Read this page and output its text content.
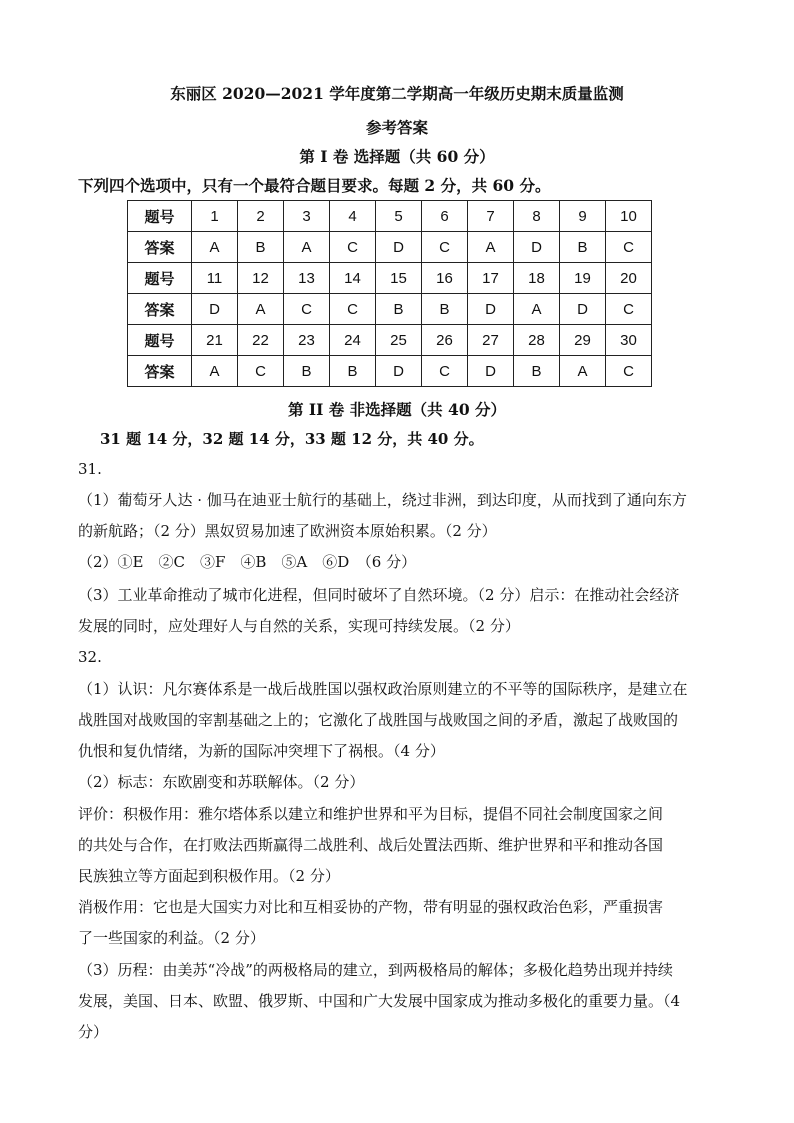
东丽区 2020—2021 学年度第二学期高一年级历史期末质量监测
参考答案
第 I 卷 选择题（共 60 分）
下列四个选项中，只有一个最符合题目要求。每题 2 分，共 60 分。
题号	1	2	3	4	5	6	7	8	9	10
答案	A	B	A	C	D	C	A	D	B	C
题号	11	12	13	14	15	16	17	18	19	20
答案	D	A	C	C	B	B	D	A	D	C
题号	21	22	23	24	25	26	27	28	29	30
答案	A	C	B	B	D	C	D	B	A	C
第 II 卷 非选择题（共 40 分）
31 题 14 分，32 题 14 分，33 题 12 分，共 40 分。
31.
（1）葡萄牙人达 · 伽马在迪亚士航行的基础上，绕过非洲，到达印度，从而找到了通向东方
的新航路；（2 分）黑奴贸易加速了欧洲资本原始积累。（2 分）
（2）①E　②C　③F　④B　⑤A　⑥D　（6 分）
（3）工业革命推动了城市化进程，但同时破坏了自然环境。（2 分）启示：在推动社会经济
发展的同时，应处理好人与自然的关系，实现可持续发展。（2 分）
32.
（1）认识：凡尔赛体系是一战后战胜国以强权政治原则建立的不平等的国际秩序，是建立在
战胜国对战败国的宰割基础之上的；它激化了战胜国与战败国之间的矛盾，激起了战败国的
仇恨和复仇情绪，为新的国际冲突埋下了祸根。（4 分）
（2）标志：东欧剧变和苏联解体。（2 分）
评价：积极作用：雅尔塔体系以建立和维护世界和平为目标，提倡不同社会制度国家之间
的共处与合作，在打败法西斯赢得二战胜利、战后处置法西斯、维护世界和平和推动各国
民族独立等方面起到积极作用。（2 分）
消极作用：它也是大国实力对比和互相妥协的产物，带有明显的强权政治色彩，严重损害
了一些国家的利益。（2 分）
（3）历程：由美苏“冷战”的两极格局的建立，到两极格局的解体；多极化趋势出现并持续
发展，美国、日本、欧盟、俄罗斯、中国和广大发展中国家成为推动多极化的重要力量。（4
分）
